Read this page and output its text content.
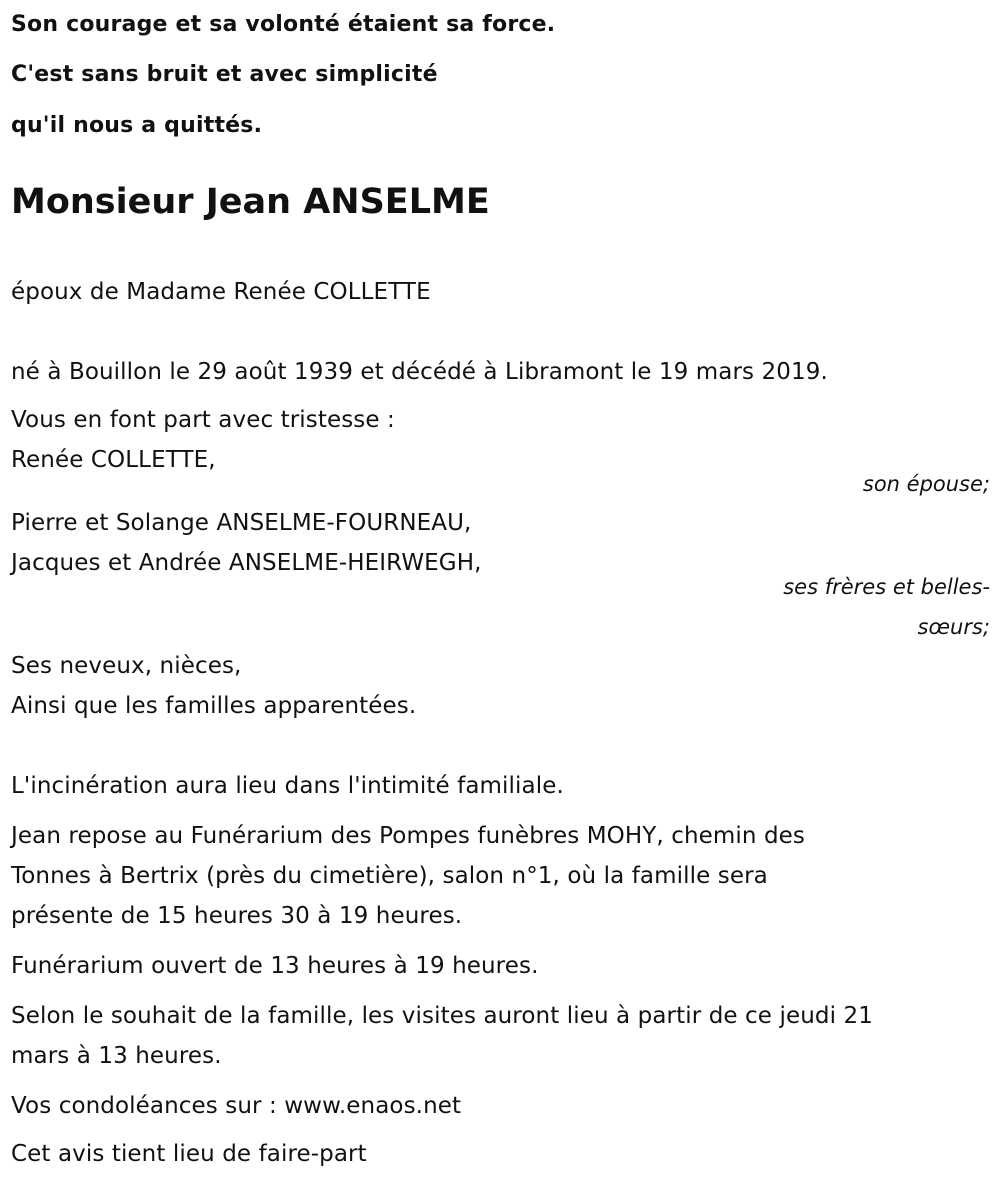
Son courage et sa volonté étaient sa force.
C'est sans bruit et avec simplicité
qu'il nous a quittés.
Monsieur Jean ANSELME
époux de Madame Renée COLLETTE
né à Bouillon le 29 août 1939 et décédé à Libramont le 19 mars 2019.
Vous en font part avec tristesse :
Renée COLLETTE,
son épouse;
Pierre et Solange ANSELME-FOURNEAU,
Jacques et Andrée ANSELME-HEIRWEGH,
ses frères et belles-
sœurs;
Ses neveux, nièces,
Ainsi que les familles apparentées.
L'incinération aura lieu dans l'intimité familiale.
Jean repose au Funérarium des Pompes funèbres MOHY, chemin des
Tonnes à Bertrix (près du cimetière), salon n°1, où la famille sera
présente de 15 heures 30 à 19 heures.
Funérarium ouvert de 13 heures à 19 heures.
Selon le souhait de la famille, les visites auront lieu à partir de ce jeudi 21
mars à 13 heures.
Vos condoléances sur : www.enaos.net
Cet avis tient lieu de faire-part
